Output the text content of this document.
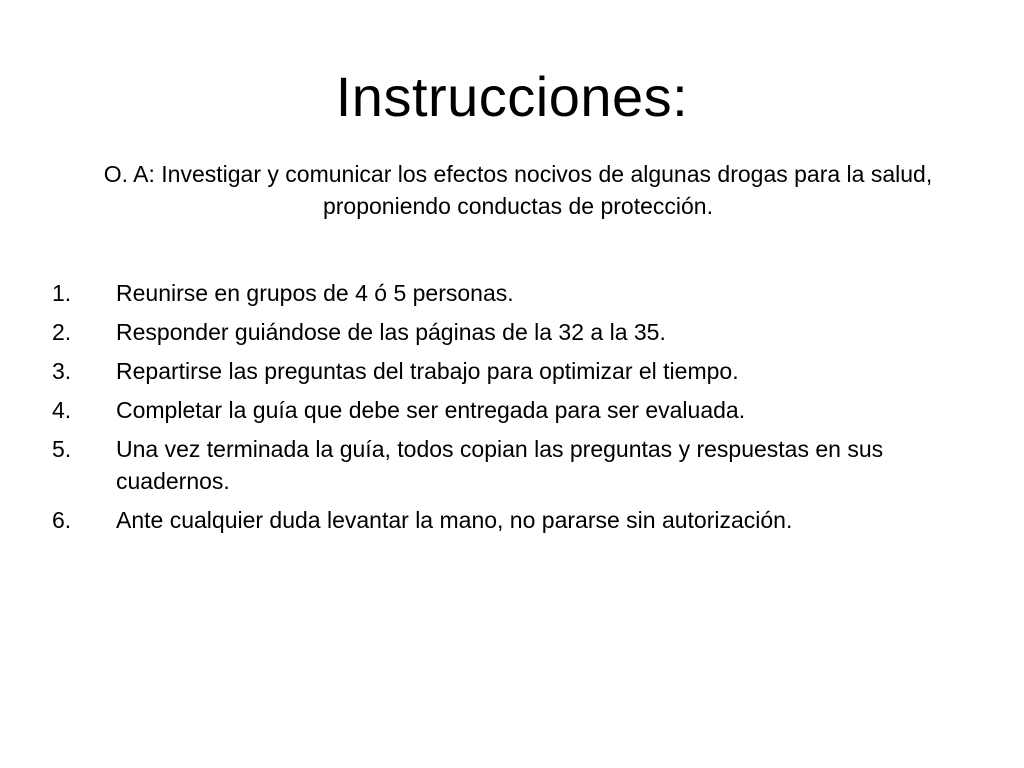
Instrucciones:
O. A: Investigar y comunicar los efectos nocivos de algunas drogas para la salud, proponiendo conductas de protección.
1.	Reunirse en grupos de 4 ó 5 personas.
2.	Responder guiándose de las páginas de la 32 a la 35.
3.	Repartirse las preguntas del trabajo para optimizar el tiempo.
4.	Completar la guía que debe ser entregada para ser evaluada.
5.	Una vez terminada la guía, todos copian las preguntas y respuestas en sus cuadernos.
6.	Ante cualquier duda levantar la mano, no pararse sin autorización.
